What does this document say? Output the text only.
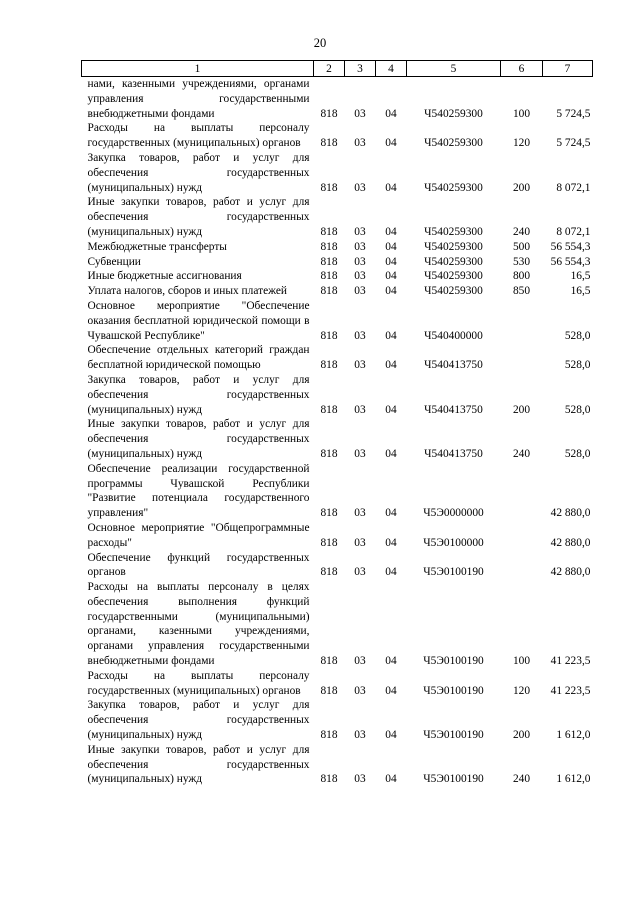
20
1	2	3	4	5	6	7
нами, казенными учреждениями, органами управления государственными внебюджетными фондами	818	03	04	Ч540259300	100	5 724,5
Расходы на выплаты персоналу государственных (муниципальных) органов	818	03	04	Ч540259300	120	5 724,5
Закупка товаров, работ и услуг для обеспечения государственных (муниципальных) нужд	818	03	04	Ч540259300	200	8 072,1
Иные закупки товаров, работ и услуг для обеспечения государственных (муниципальных) нужд	818	03	04	Ч540259300	240	8 072,1
Межбюджетные трансферты	818	03	04	Ч540259300	500	56 554,3
Субвенции	818	03	04	Ч540259300	530	56 554,3
Иные бюджетные ассигнования	818	03	04	Ч540259300	800	16,5
Уплата налогов, сборов и иных платежей	818	03	04	Ч540259300	850	16,5
Основное мероприятие "Обеспечение оказания бесплатной юридической помощи в Чувашской Республике"	818	03	04	Ч540400000		528,0
Обеспечение отдельных категорий граждан бесплатной юридической помощью	818	03	04	Ч540413750		528,0
Закупка товаров, работ и услуг для обеспечения государственных (муниципальных) нужд	818	03	04	Ч540413750	200	528,0
Иные закупки товаров, работ и услуг для обеспечения государственных (муниципальных) нужд	818	03	04	Ч540413750	240	528,0
Обеспечение реализации государственной программы Чувашской Республики "Развитие потенциала государственного управления"	818	03	04	Ч5Э0000000		42 880,0
Основное мероприятие "Общепрограммные расходы"	818	03	04	Ч5Э0100000		42 880,0
Обеспечение функций государственных органов	818	03	04	Ч5Э0100190		42 880,0
Расходы на выплаты персоналу в целях обеспечения выполнения функций государственными (муниципальными) органами, казенными учреждениями, органами управления государственными внебюджетными фондами	818	03	04	Ч5Э0100190	100	41 223,5
Расходы на выплаты персоналу государственных (муниципальных) органов	818	03	04	Ч5Э0100190	120	41 223,5
Закупка товаров, работ и услуг для обеспечения государственных (муниципальных) нужд	818	03	04	Ч5Э0100190	200	1 612,0
Иные закупки товаров, работ и услуг для обеспечения государственных (муниципальных) нужд	818	03	04	Ч5Э0100190	240	1 612,0
